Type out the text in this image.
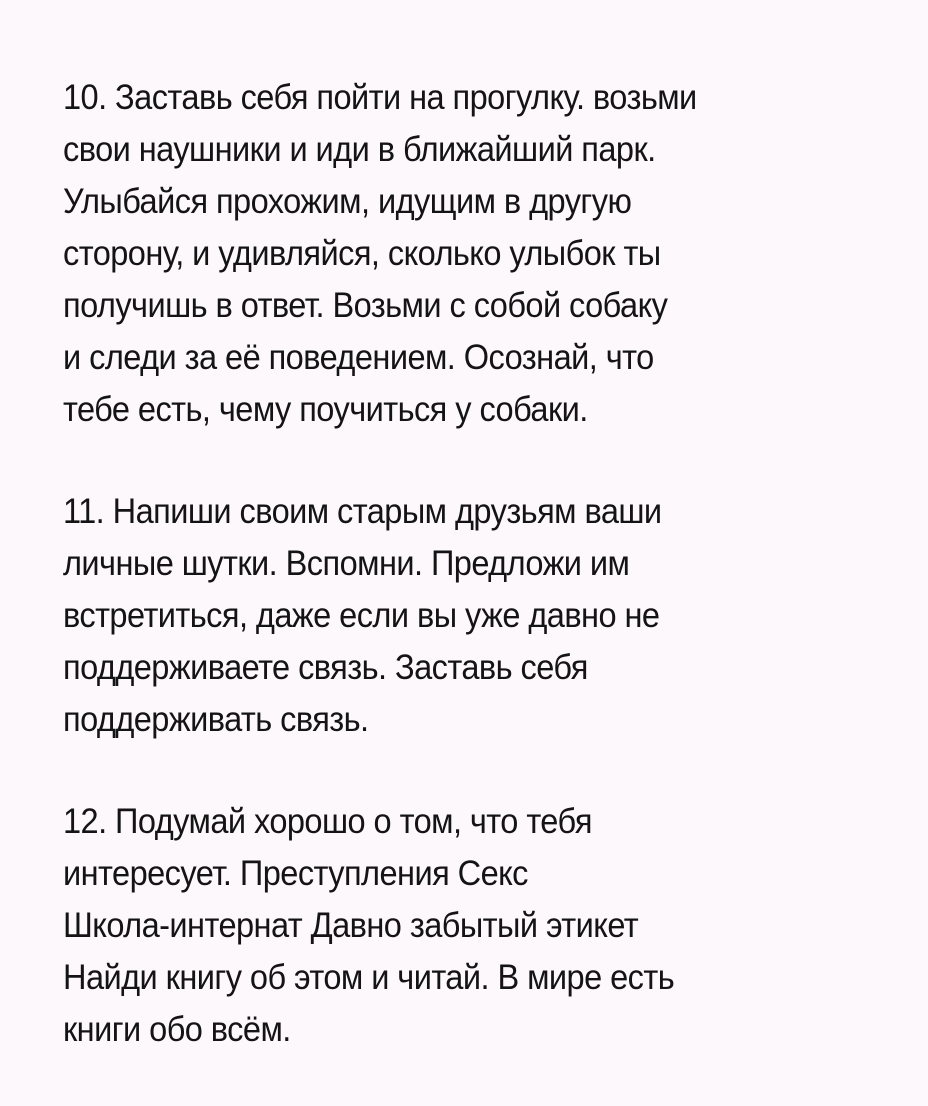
10. Заставь себя пойти на прогулку. возьми
свои наушники и иди в ближайший парк.
Улыбайся прохожим, идущим в другую
сторону, и удивляйся, сколько улыбок ты
получишь в ответ. Возьми с собой собаку
и следи за её поведением. Осознай, что
тебе есть, чему поучиться у собаки.
11. Напиши своим старым друзьям ваши
личные шутки. Вспомни. Предложи им
встретиться, даже если вы уже давно не
поддерживаете связь. Заставь себя
поддерживать связь.
12. Подумай хорошо о том, что тебя
интересует. Преступления Секс
Школа-интернат Давно забытый этикет
Найди книгу об этом и читай. В мире есть
книги обо всём.
